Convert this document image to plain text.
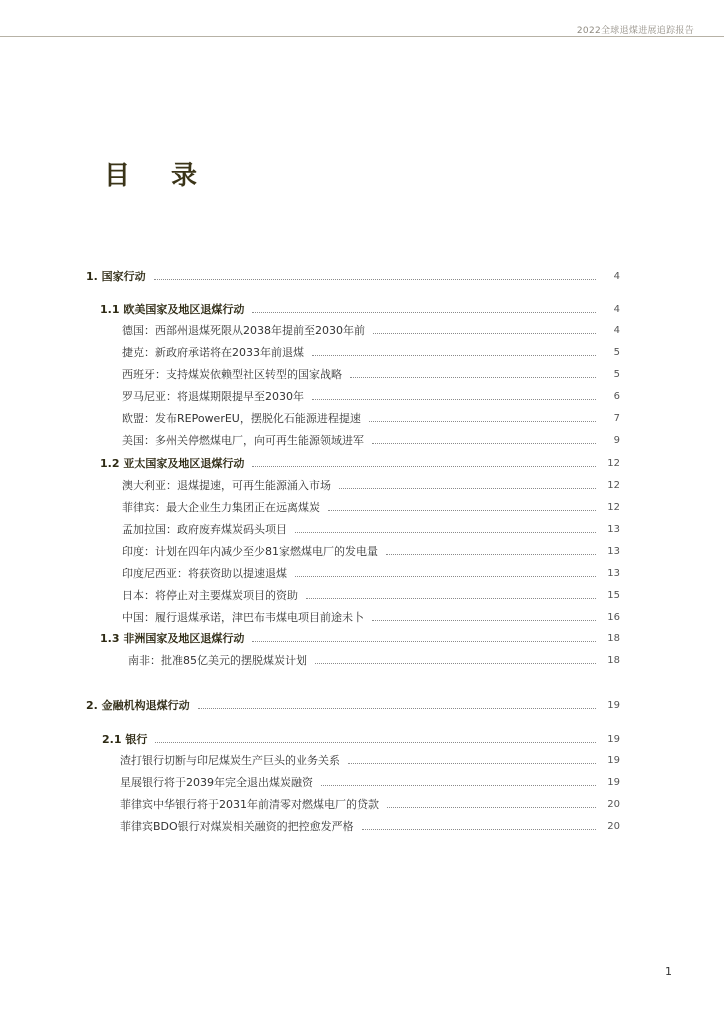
2022全球退煤进展追踪报告
目 录
1. 国家行动	4
1.1 欧美国家及地区退煤行动	4
德国：西部州退煤死限从2038年提前至2030年前	4
捷克：新政府承诺将在2033年前退煤	5
西班牙：支持煤炭依赖型社区转型的国家战略	5
罗马尼亚：将退煤期限提早至2030年	6
欧盟：发布REPowerEU，摆脱化石能源进程提速	7
美国：多州关停燃煤电厂，向可再生能源领域进军	9
1.2 亚太国家及地区退煤行动	12
澳大利亚：退煤提速，可再生能源涌入市场	12
菲律宾：最大企业生力集团正在远离煤炭	12
孟加拉国：政府废弃煤炭码头项目	13
印度：计划在四年内减少至少81家燃煤电厂的发电量	13
印度尼西亚：将获资助以提速退煤	13
日本：将停止对主要煤炭项目的资助	15
中国：履行退煤承诺，津巴布韦煤电项目前途未卜	16
1.3 非洲国家及地区退煤行动	18
南非：批准85亿美元的摆脱煤炭计划	18
2. 金融机构退煤行动	19
2.1 银行	19
渣打银行切断与印尼煤炭生产巨头的业务关系	19
星展银行将于2039年完全退出煤炭融资	19
菲律宾中华银行将于2031年前清零对燃煤电厂的贷款	20
菲律宾BDO银行对煤炭相关融资的把控愈发严格	20
1
